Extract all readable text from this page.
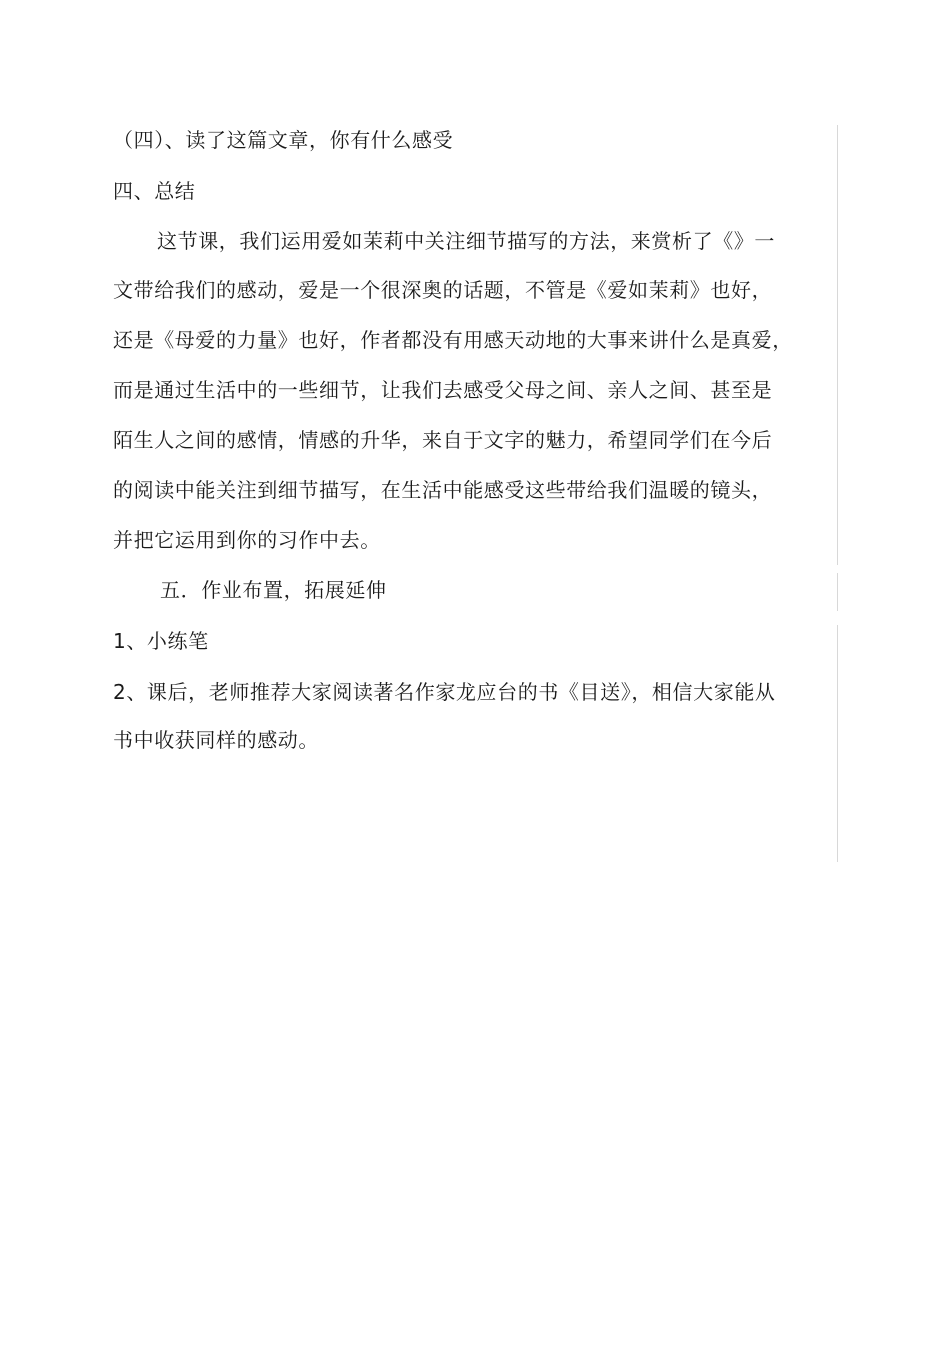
（四）、读了这篇文章，你有什么感受
四、总结
这节课，我们运用爱如茉莉中关注细节描写的方法，来赏析了《》一
文带给我们的感动，爱是一个很深奥的话题，不管是《爱如茉莉》也好，
还是《母爱的力量》也好，作者都没有用感天动地的大事来讲什么是真爱，
而是通过生活中的一些细节，让我们去感受父母之间、亲人之间、甚至是
陌生人之间的感情，情感的升华，来自于文字的魅力，希望同学们在今后
的阅读中能关注到细节描写，在生活中能感受这些带给我们温暖的镜头，
并把它运用到你的习作中去。
五．作业布置，拓展延伸
1、小练笔
2、课后，老师推荐大家阅读著名作家龙应台的书《目送》，相信大家能从
书中收获同样的感动。
